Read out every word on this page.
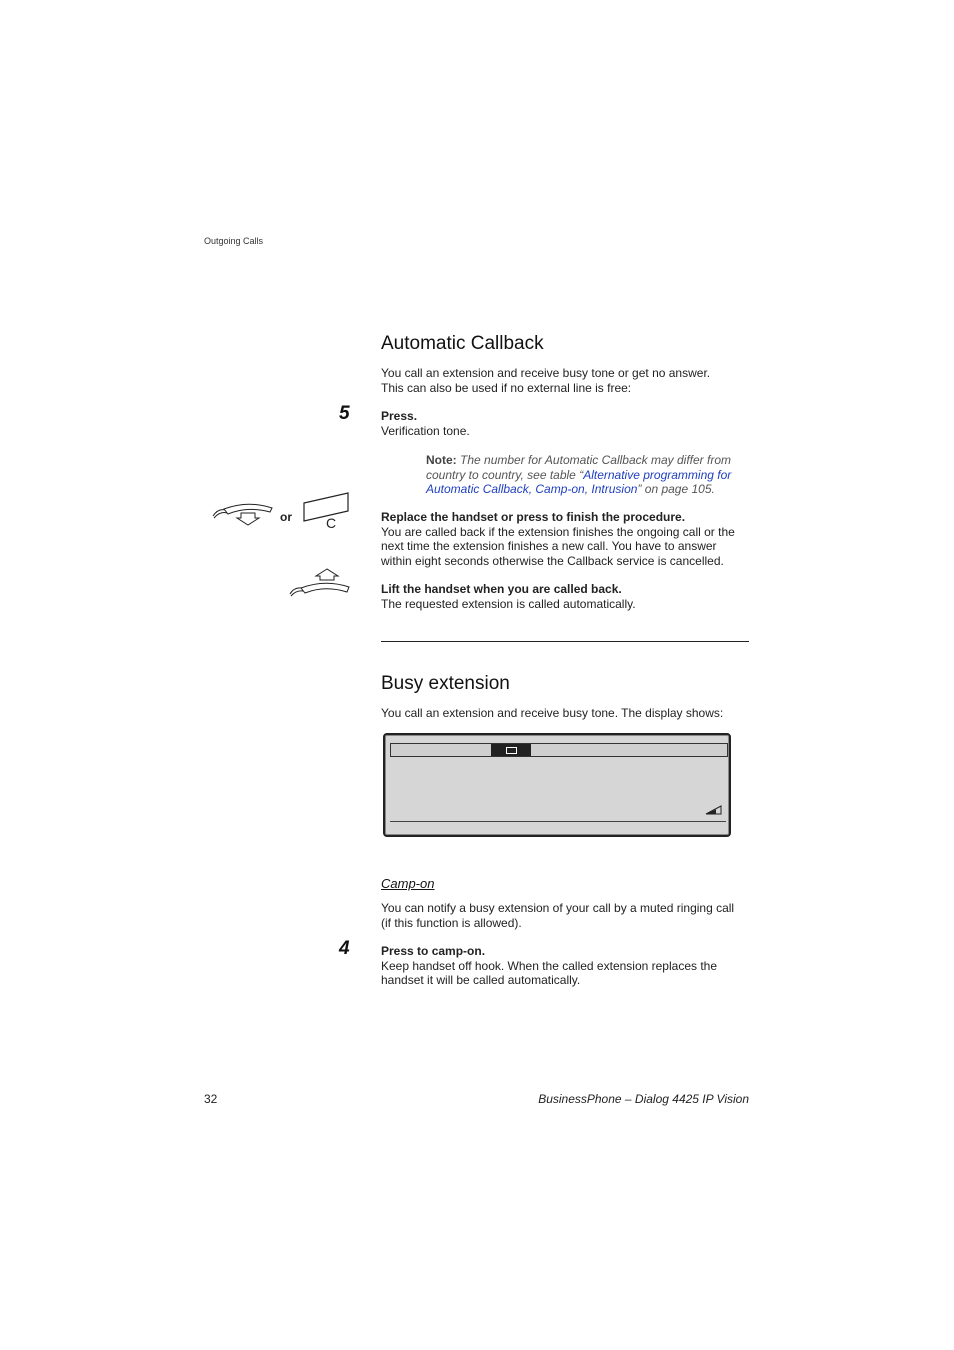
Outgoing Calls
Automatic Callback
You call an extension and receive busy tone or get no answer.
This can also be used if no external line is free:
5	Press.
Verification tone.
Note: The number for Automatic Callback may differ from
country to country, see table “Alternative programming for
Automatic Callback, Camp-on, Intrusion” on page 105.
or C	Replace the handset or press to finish the procedure.
You are called back if the extension finishes the ongoing call or the
next time the extension finishes a new call. You have to answer
within eight seconds otherwise the Callback service is cancelled.
Lift the handset when you are called back.
The requested extension is called automatically.
Busy extension
You call an extension and receive busy tone. The display shows:
Camp-on
You can notify a busy extension of your call by a muted ringing call
(if this function is allowed).
4	Press to camp-on.
Keep handset off hook. When the called extension replaces the
handset it will be called automatically.
32	BusinessPhone – Dialog 4425 IP Vision
